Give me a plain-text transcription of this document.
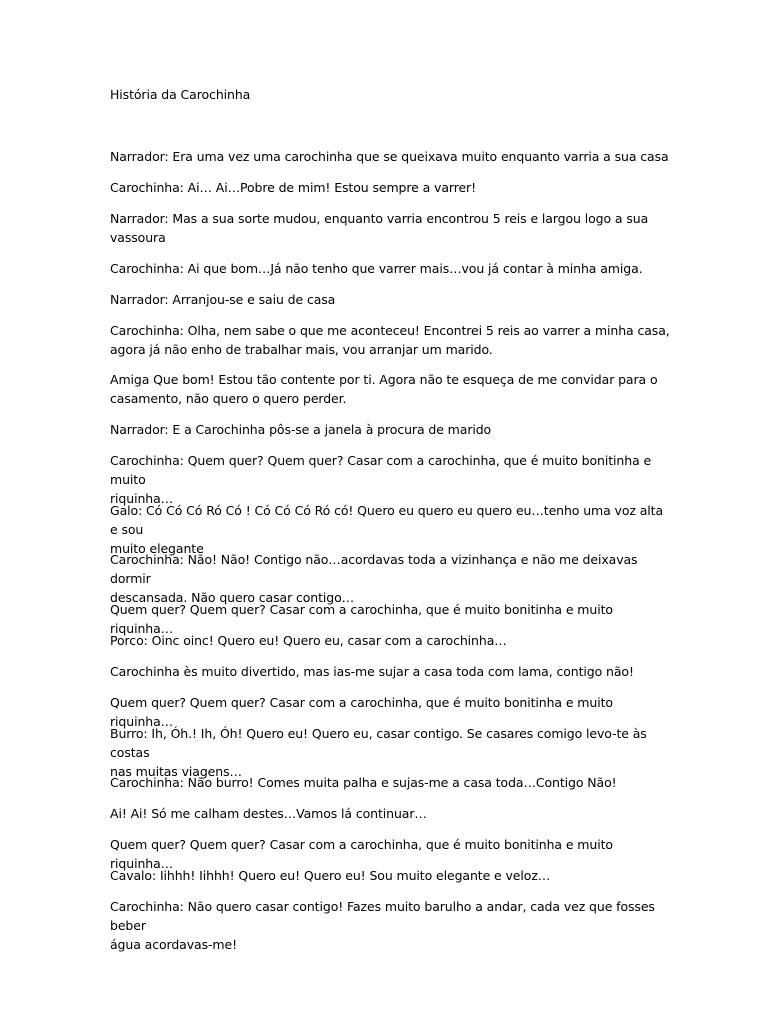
História da Carochinha
Narrador: Era uma vez uma carochinha que se queixava muito enquanto varria a sua casa
Carochinha: Ai… Ai…Pobre de mim! Estou sempre a varrer!
Narrador: Mas a sua sorte mudou, enquanto varria encontrou 5 reis e largou logo a sua
vassoura
Carochinha: Ai que bom…Já não tenho que varrer mais…vou já contar à minha amiga.
Narrador: Arranjou-se e saiu de casa
Carochinha: Olha, nem sabe o que me aconteceu! Encontrei 5 reis ao varrer a minha casa,
agora já não enho de trabalhar mais, vou arranjar um marido.
Amiga Que bom! Estou tão contente por ti. Agora não te esqueça de me convidar para o
casamento, não quero o quero perder.
Narrador: E a Carochinha pôs-se a janela à procura de marido
Carochinha: Quem quer? Quem quer? Casar com a carochinha, que é muito bonitinha e muito
riquinha…
Galo: Có Có Có Ró Có ! Có Có Có Ró có! Quero eu quero eu quero eu…tenho uma voz alta e sou
muito elegante
Carochinha: Não! Não! Contigo não…acordavas toda a vizinhança e não me deixavas dormir
descansada. Não quero casar contigo…
Quem quer? Quem quer? Casar com a carochinha, que é muito bonitinha e muito riquinha…
Porco: Oinc oinc! Quero eu! Quero eu, casar com a carochinha…
Carochinha ès muito divertido, mas ias-me sujar a casa toda com lama, contigo não!
Quem quer? Quem quer? Casar com a carochinha, que é muito bonitinha e muito riquinha…
Burro: Ih, Óh.! Ih, Óh! Quero eu! Quero eu, casar contigo. Se casares comigo levo-te às costas
nas muitas viagens…
Carochinha: Não burro! Comes muita palha e sujas-me a casa toda…Contigo Não!
Ai! Ai! Só me calham destes…Vamos lá continuar…
Quem quer? Quem quer? Casar com a carochinha, que é muito bonitinha e muito riquinha…
Cavalo: Iihhh! Iihhh! Quero eu! Quero eu! Sou muito elegante e veloz…
Carochinha: Não quero casar contigo! Fazes muito barulho a andar, cada vez que fosses beber
água acordavas-me!
